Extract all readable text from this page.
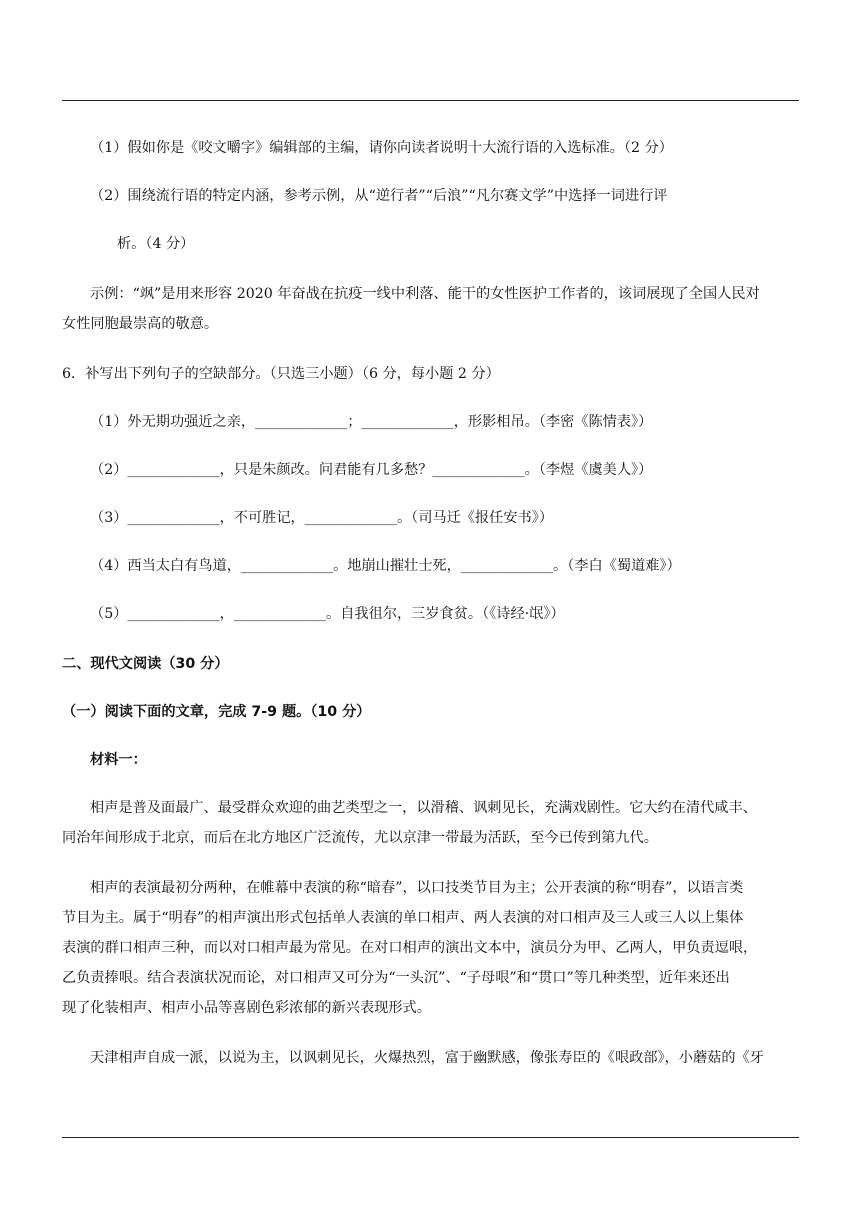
（1）假如你是《咬文嚼字》编辑部的主编，请你向读者说明十大流行语的入选标准。（2 分）
（2）围绕流行语的特定内涵，参考示例，从“逆行者”“后浪”“凡尔赛文学”中选择一词进行评
析。（4 分）
示例：“飒”是用来形容 2020 年奋战在抗疫一线中利落、能干的女性医护工作者的，该词展现了全国人民对
女性同胞最崇高的敬意。
6．补写出下列句子的空缺部分。（只选三小题）（6 分，每小题 2 分）
（1）外无期功强近之亲，_____________；_____________，形影相吊。（李密《陈情表》）
（2）_____________，只是朱颜改。问君能有几多愁？_____________。（李煜《虞美人》）
（3）_____________，不可胜记，_____________。（司马迁《报任安书》）
（4）西当太白有鸟道，_____________。地崩山摧壮士死，_____________。（李白《蜀道难》）
（5）_____________，_____________。自我徂尔，三岁食贫。（《诗经·氓》）
二、现代文阅读（30 分）
（一）阅读下面的文章，完成 7-9 题。（10 分）
材料一：
相声是普及面最广、最受群众欢迎的曲艺类型之一，以滑稽、讽刺见长，充满戏剧性。它大约在清代咸丰、
同治年间形成于北京，而后在北方地区广泛流传，尤以京津一带最为活跃，至今已传到第九代。
相声的表演最初分两种，在帷幕中表演的称“暗春”，以口技类节目为主；公开表演的称“明春”，以语言类
节目为主。属于“明春”的相声演出形式包括单人表演的单口相声、两人表演的对口相声及三人或三人以上集体
表演的群口相声三种，而以对口相声最为常见。在对口相声的演出文本中，演员分为甲、乙两人，甲负责逗哏，
乙负责捧哏。结合表演状况而论，对口相声又可分为“一头沉”、“子母哏”和“贯口”等几种类型，近年来还出
现了化装相声、相声小品等喜剧色彩浓郁的新兴表现形式。
天津相声自成一派，以说为主，以讽刺见长，火爆热烈，富于幽默感，像张寿臣的《哏政部》，小蘑菇的《牙
